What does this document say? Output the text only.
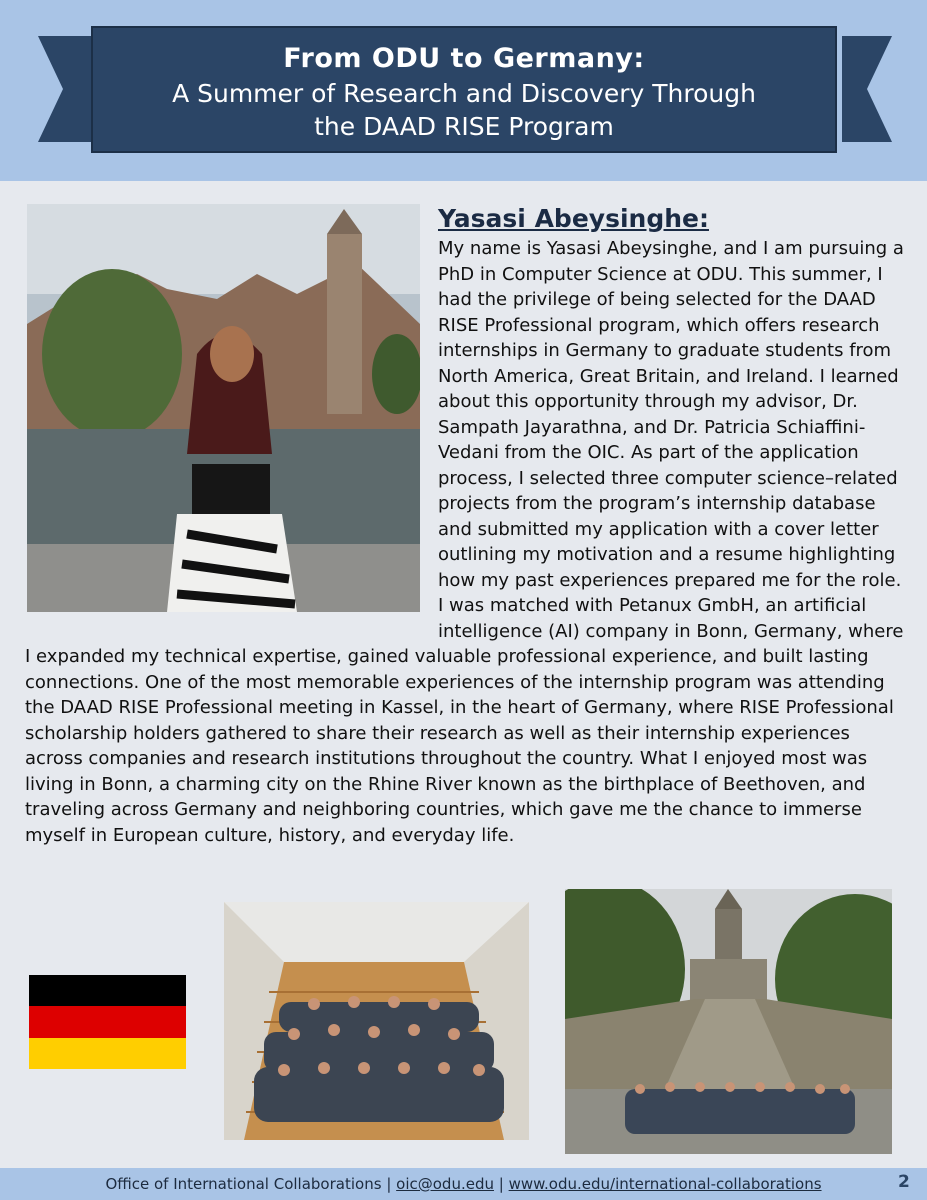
From ODU to Germany:
A Summer of Research and Discovery Through
the DAAD RISE Program
Yasasi Abeysinghe:

My name is Yasasi Abeysinghe, and I am pursuing a PhD in Computer Science at ODU. This summer, I had the privilege of being selected for the DAAD RISE Professional program, which offers research internships in Germany to graduate students from North America, Great Britain, and Ireland. I learned about this opportunity through my advisor, Dr. Sampath Jayarathna, and Dr. Patricia Schiaffini-Vedani from the OIC. As part of the application process, I selected three computer science–related projects from the program’s internship database and submitted my application with a cover letter outlining my motivation and a resume highlighting how my past experiences prepared me for the role. I was matched with Petanux GmbH, an artificial intelligence (AI) company in Bonn, Germany, where I expanded my technical expertise, gained valuable professional experience, and built lasting connections. One of the most memorable experiences of the internship program was attending the DAAD RISE Professional meeting in Kassel, in the heart of Germany, where RISE Professional scholarship holders gathered to share their research as well as their internship experiences across companies and research institutions throughout the country. What I enjoyed most was living in Bonn, a charming city on the Rhine River known as the birthplace of Beethoven, and traveling across Germany and neighboring countries, which gave me the chance to immerse myself in European culture, history, and everyday life.

Office of International Collaborations | oic@odu.edu | www.odu.edu/international-collaborations	2
